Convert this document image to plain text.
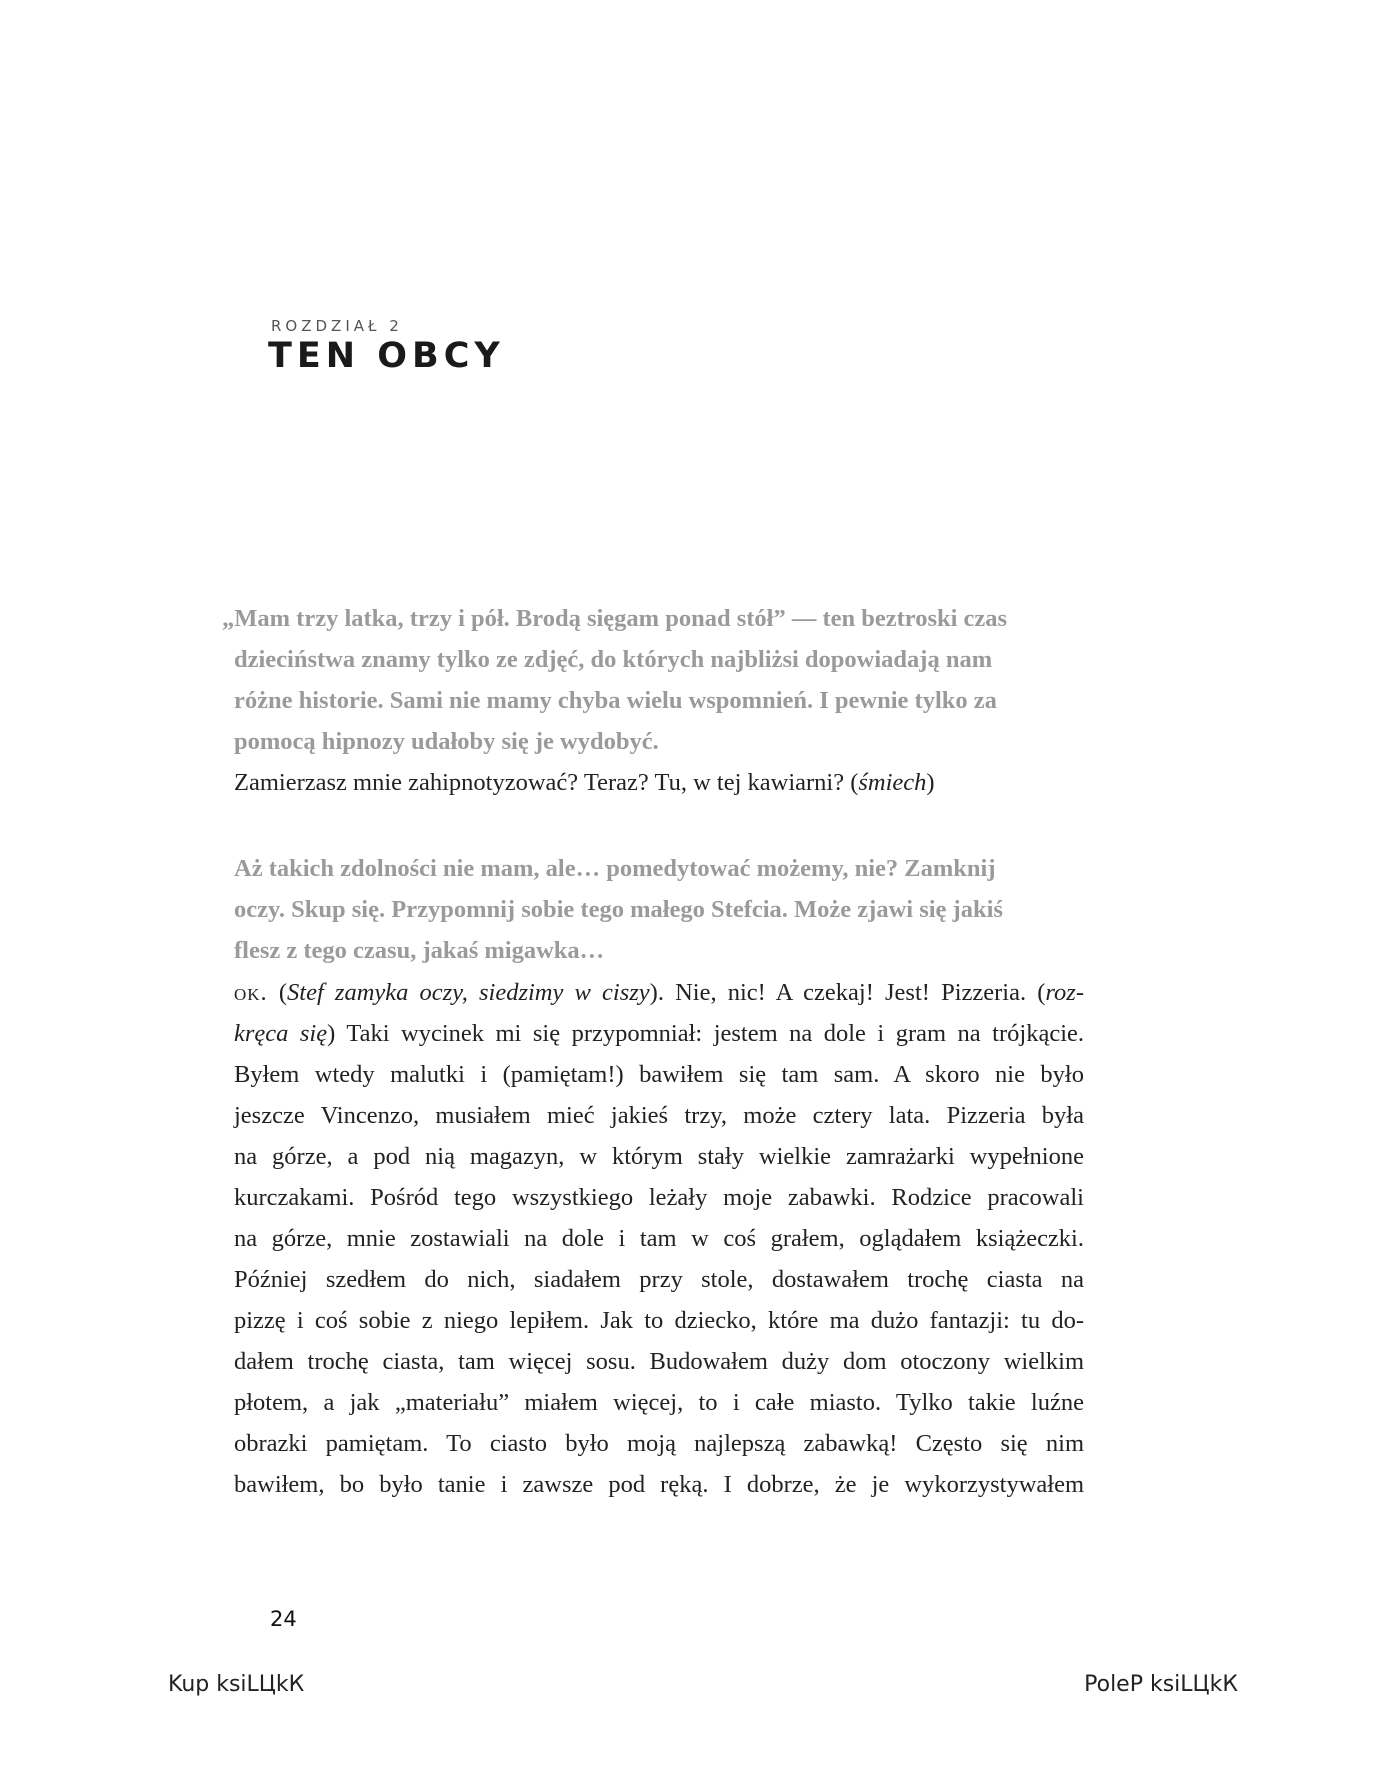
ROZDZIAŁ 2
TEN OBCY
„Mam trzy latka, trzy i pół. Brodą sięgam ponad stół” — ten beztroski czas
dzieciństwa znamy tylko ze zdjęć, do których najbliżsi dopowiadają nam
różne historie. Sami nie mamy chyba wielu wspomnień. I pewnie tylko za
pomocą hipnozy udałoby się je wydobyć.
Zamierzasz mnie zahipnotyzować? Teraz? Tu, w tej kawiarni? (śmiech)
Aż takich zdolności nie mam, ale… pomedytować możemy, nie? Zamknij
oczy. Skup się. Przypomnij sobie tego małego Stefcia. Może zjawi się jakiś
flesz z tego czasu, jakaś migawka…
ok. (Stef zamyka oczy, siedzimy w ciszy). Nie, nic! A czekaj! Jest! Pizzeria. (roz-
kręca się) Taki wycinek mi się przypomniał: jestem na dole i gram na trójkącie.
Byłem wtedy malutki i (pamiętam!) bawiłem się tam sam. A skoro nie było
jeszcze Vincenzo, musiałem mieć jakieś trzy, może cztery lata. Pizzeria była
na górze, a pod nią magazyn, w którym stały wielkie zamrażarki wypełnione
kurczakami. Pośród tego wszystkiego leżały moje zabawki. Rodzice pracowali
na górze, mnie zostawiali na dole i tam w coś grałem, oglądałem książeczki.
Później szedłem do nich, siadałem przy stole, dostawałem trochę ciasta na
pizzę i coś sobie z niego lepiłem. Jak to dziecko, które ma dużo fantazji: tu do-
dałem trochę ciasta, tam więcej sosu. Budowałem duży dom otoczony wielkim
płotem, a jak „materiału” miałem więcej, to i całe miasto. Tylko takie luźne
obrazki pamiętam. To ciasto było moją najlepszą zabawką! Często się nim
bawiłem, bo było tanie i zawsze pod ręką. I dobrze, że je wykorzystywałem
24
Kup ksiLЦkК	PoleР ksiLЦkК
